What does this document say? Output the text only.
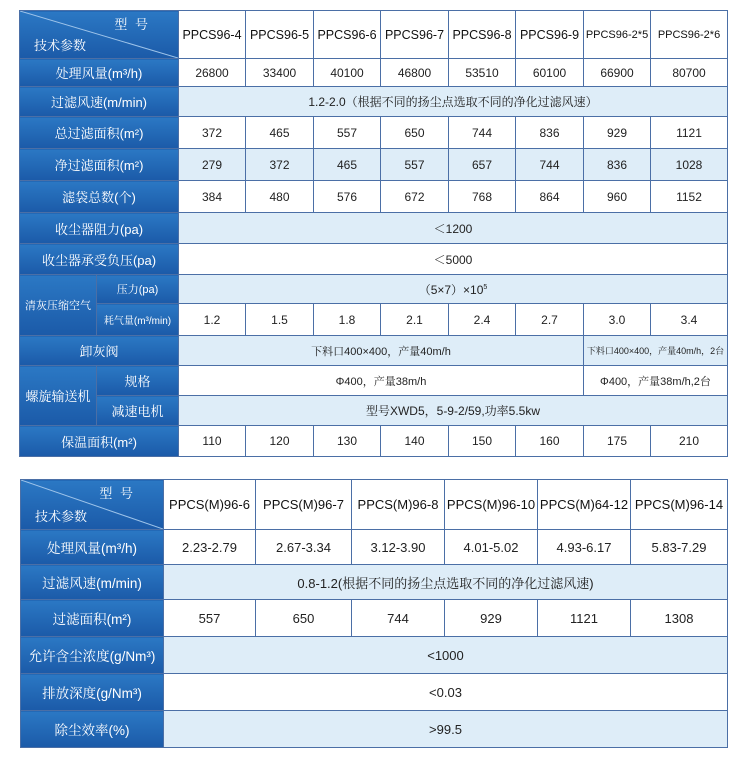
型 号
技术参数		PPCS96-4	PPCS96-5	PPCS96-6	PPCS96-7	PPCS96-8	PPCS96-9	PPCS96-2*5	PPCS96-2*6
处理风量(m³/h)		26800	33400	40100	46800	53510	60100	66900	80700
过滤风速(m/min)		1.2-2.0（根据不同的扬尘点选取不同的净化过滤风速）							
总过滤面积(m²)		372	465	557	650	744	836	929	1121
净过滤面积(m²)		279	372	465	557	657	744	836	1028
滤袋总数(个)		384	480	576	672	768	864	960	1152
收尘器阻力(pa)		＜1200							
收尘器承受负压(pa)		＜5000							
清灰压缩空气	压力(pa)	$(5\times 7)\times 10^5$
	耗气量(m³/min)	1.2	1.5	1.8	2.1	2.4	2.7	3.0	3.4
卸灰阀		下料口400×400，产量40m/h						下料口400×400，产量40m/h，2台	
螺旋输送机	规格	Φ400，产量38m/h						Φ400，产量38m/h,2台	
	减速电机	型号XWD5，5-9-2/59,功率5.5kw							
保温面积(m²)		110	120	130	140	150	160	175	210
型 号
技术参数	PPCS(M)96-6	PPCS(M)96-7	PPCS(M)96-8	PPCS(M)96-10	PPCS(M)64-12	PPCS(M)96-14
处理风量(m³/h)	2.23-2.79	2.67-3.34	3.12-3.90	4.01-5.02	4.93-6.17	5.83-7.29
过滤风速(m/min)	0.8-1.2(根据不同的扬尘点选取不同的净化过滤风速)					
过滤面积(m²)	557	650	744	929	1121	1308
允许含尘浓度(g/Nm³)	<1000					
排放深度(g/Nm³)	<0.03					
除尘效率(%)	>99.5					
